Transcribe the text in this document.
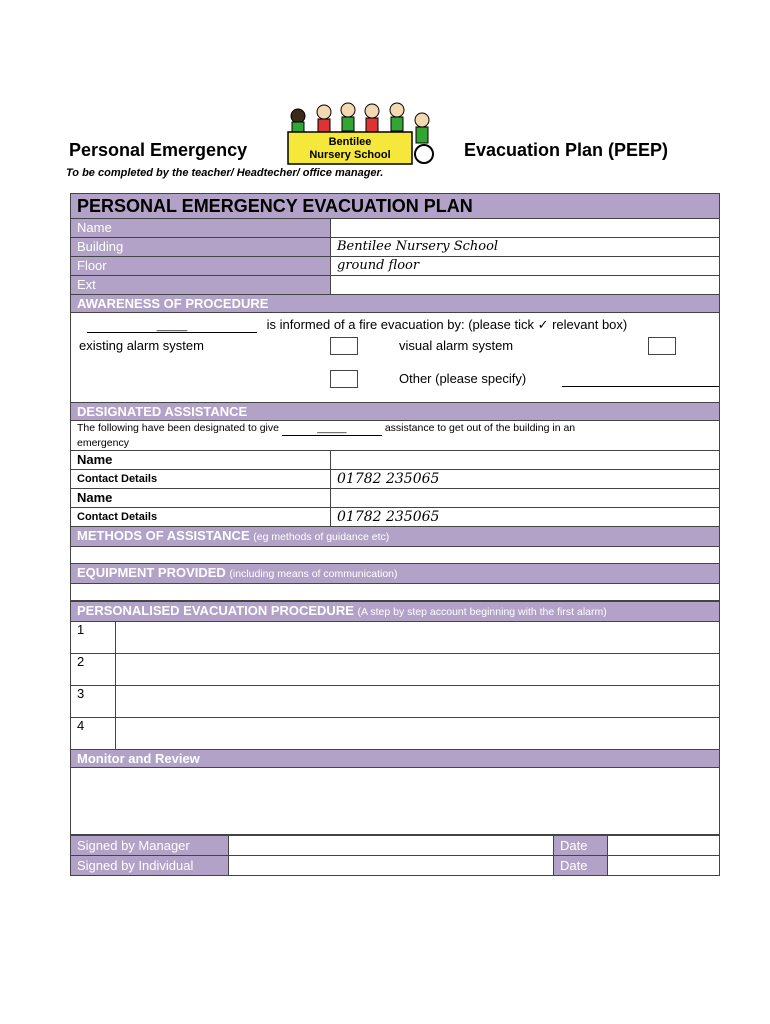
Personal Emergency	Bentilee
Nursery School	Evacuation Plan (PEEP)
To be completed by the teacher/ Headtecher/ office manager.
PERSONAL EMERGENCY EVACUATION PLAN	
Name	
Building	Bentilee Nursery School
Floor	ground floor
Ext	
AWARENESS OF PROCEDURE	

_____ is informed of a fire evacuation by: (please tick ✓ relevant box)
existing alarm system visual alarm system
Other (please specify)	

DESIGNATED ASSISTANCE	
The following have been designated to give _____ assistance to get out of the building in an
emergency	
Name	
Contact Details	01782 235065
Name	
Contact Details	01782 235065
METHODS OF ASSISTANCE (eg methods of guidance etc)	

EQUIPMENT PROVIDED (including means of communication)	

PERSONALISED EVACUATION PROCEDURE (A step by step account beginning with the first alarm)	
1	
2	
3	
4	
Monitor and Review	

Signed by Manager		Date	
Signed by Individual		Date	
